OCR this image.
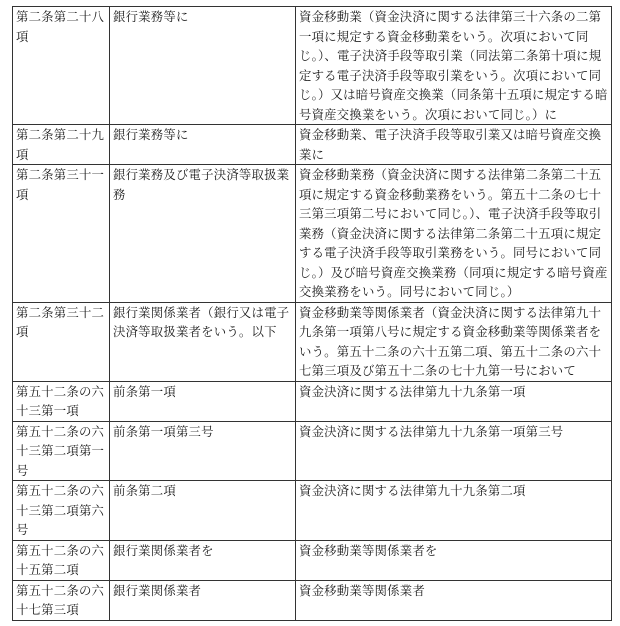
第二条第二十八項	銀行業務等に	資金移動業（資金決済に関する法律第三十六条の二第一項に規定する資金移動業をいう。次項において同じ。）、電子決済手段等取引業（同法第二条第十項に規定する電子決済手段等取引業をいう。次項において同じ。）又は暗号資産交換業（同条第十五項に規定する暗号資産交換業をいう。次項において同じ。）に
第二条第二十九項	銀行業務等に	資金移動業、電子決済手段等取引業又は暗号資産交換業に
第二条第三十一項	銀行業務及び電子決済等取扱業務	資金移動業務（資金決済に関する法律第二条第二十五項に規定する資金移動業務をいう。第五十二条の七十三第三項第二号において同じ。）、電子決済手段等取引業務（資金決済に関する法律第二条第二十五項に規定する電子決済手段等取引業務をいう。同号において同じ。）及び暗号資産交換業務（同項に規定する暗号資産交換業務をいう。同号において同じ。）
第二条第三十二項	銀行業関係業者（銀行又は電子決済等取扱業者をいう。以下	資金移動業等関係業者（資金決済に関する法律第九十九条第一項第八号に規定する資金移動業等関係業者をいう。第五十二条の六十五第二項、第五十二条の六十七第三項及び第五十二条の七十九第一号において
第五十二条の六十三第一項	前条第一項	資金決済に関する法律第九十九条第一項
第五十二条の六十三第二項第一号	前条第一項第三号	資金決済に関する法律第九十九条第一項第三号
第五十二条の六十三第二項第六号	前条第二項	資金決済に関する法律第九十九条第二項
第五十二条の六十五第二項	銀行業関係業者を	資金移動業等関係業者を
第五十二条の六十七第三項	銀行業関係業者	資金移動業等関係業者
